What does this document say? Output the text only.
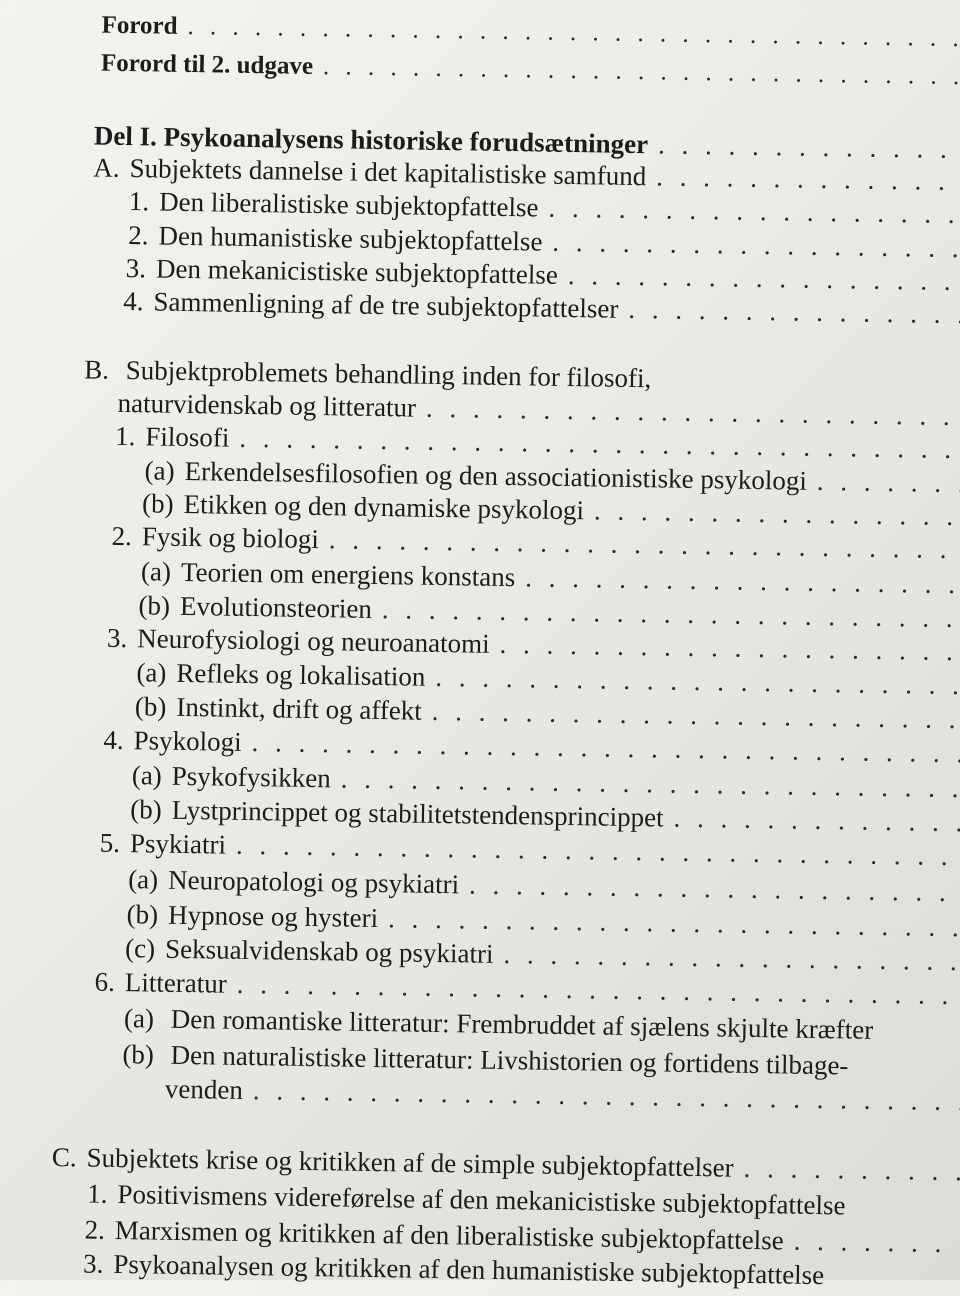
Forord
. . .
Forord til 2. udgave
. . .
Del I. Psykoanalysens historiske forudsætninger
. . .
A. Subjektets dannelse i det kapitalistiske samfund
. . .
1. Den liberalistiske subjektopfattelse
. . .
2. Den humanistiske subjektopfattelse
. . .
3. Den mekanicistiske subjektopfattelse
. . .
4. Sammenligning af de tre subjektopfattelser
. . .
B. Subjektproblemets behandling inden for filosofi,
naturvidenskab og litteratur
. . .
1. Filosofi
. . .
(a) Erkendelsesfilosofien og den associationistiske psykologi
. . .
(b) Etikken og den dynamiske psykologi
. . .
2. Fysik og biologi
. . .
(a) Teorien om energiens konstans
. . .
(b) Evolutionsteorien
. . .
3. Neurofysiologi og neuroanatomi
. . .
(a) Refleks og lokalisation
. . .
(b) Instinkt, drift og affekt
. . .
4. Psykologi
. . .
(a) Psykofysikken
. . .
(b) Lystprincippet og stabilitetstendensprincippet
. . .
5. Psykiatri
. . .
(a) Neuropatologi og psykiatri
. . .
(b) Hypnose og hysteri
. . .
(c) Seksualvidenskab og psykiatri
. . .
6. Litteratur
. . .
(a) Den romantiske litteratur: Frembruddet af sjælens skjulte kræfter
(b) Den naturalistiske litteratur: Livshistorien og fortidens tilbage-
venden
. . .
C. Subjektets krise og kritikken af de simple subjektopfattelser
. . .
1. Positivismens videreførelse af den mekanicistiske subjektopfattelse
2. Marxismen og kritikken af den liberalistiske subjektopfattelse
. . .
3. Psykoanalysen og kritikken af den humanistiske subjektopfattelse
